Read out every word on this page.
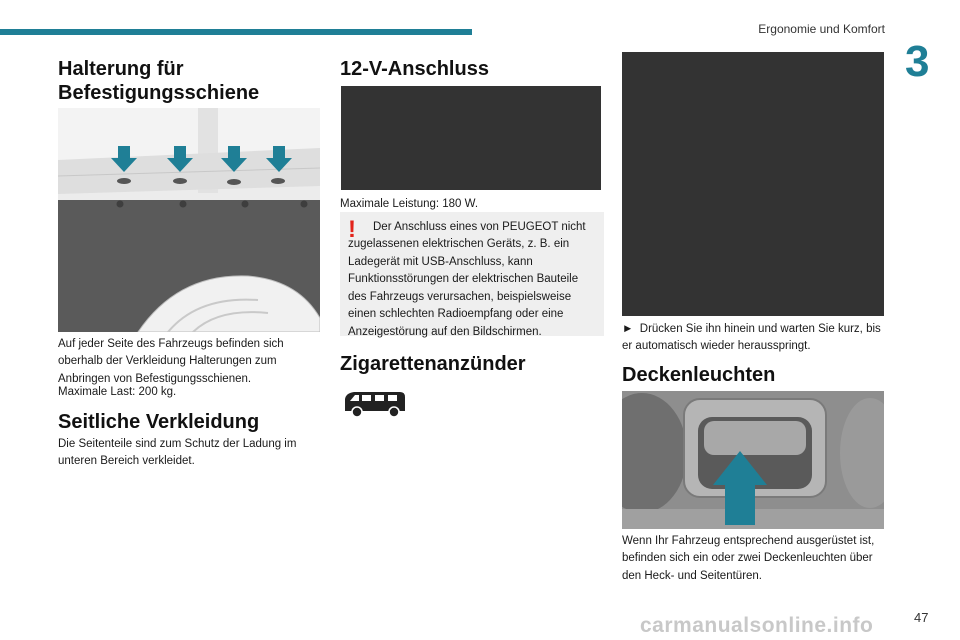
Ergonomie und Komfort
3
Halterung für Befestigungsschiene

Auf jeder Seite des Fahrzeugs befinden sich oberhalb der Verkleidung Halterungen zum Anbringen von Befestigungsschienen.

Maximale Last: 200 kg.

Seitliche Verkleidung

Die Seitenteile sind zum Schutz der Ladung im unteren Bereich verkleidet.

12-V-Anschluss

Maximale Leistung: 180 W.

!	Der Anschluss eines von PEUGEOT nicht zugelassenen elektrischen Geräts, z. B. ein Ladegerät mit USB-Anschluss, kann Funktionsstörungen der elektrischen Bauteile des Fahrzeugs verursachen, beispielsweise einen schlechten Radioempfang oder eine Anzeigestörung auf den Bildschirmen.
Zigarettenanzünder

► Drücken Sie ihn hinein und warten Sie kurz, bis er automatisch wieder herausspringt.

Deckenleuchten

Wenn Ihr Fahrzeug entsprechend ausgerüstet ist, befinden sich ein oder zwei Deckenleuchten über den Heck- und Seitentüren.

carmanualsonline.info	47
